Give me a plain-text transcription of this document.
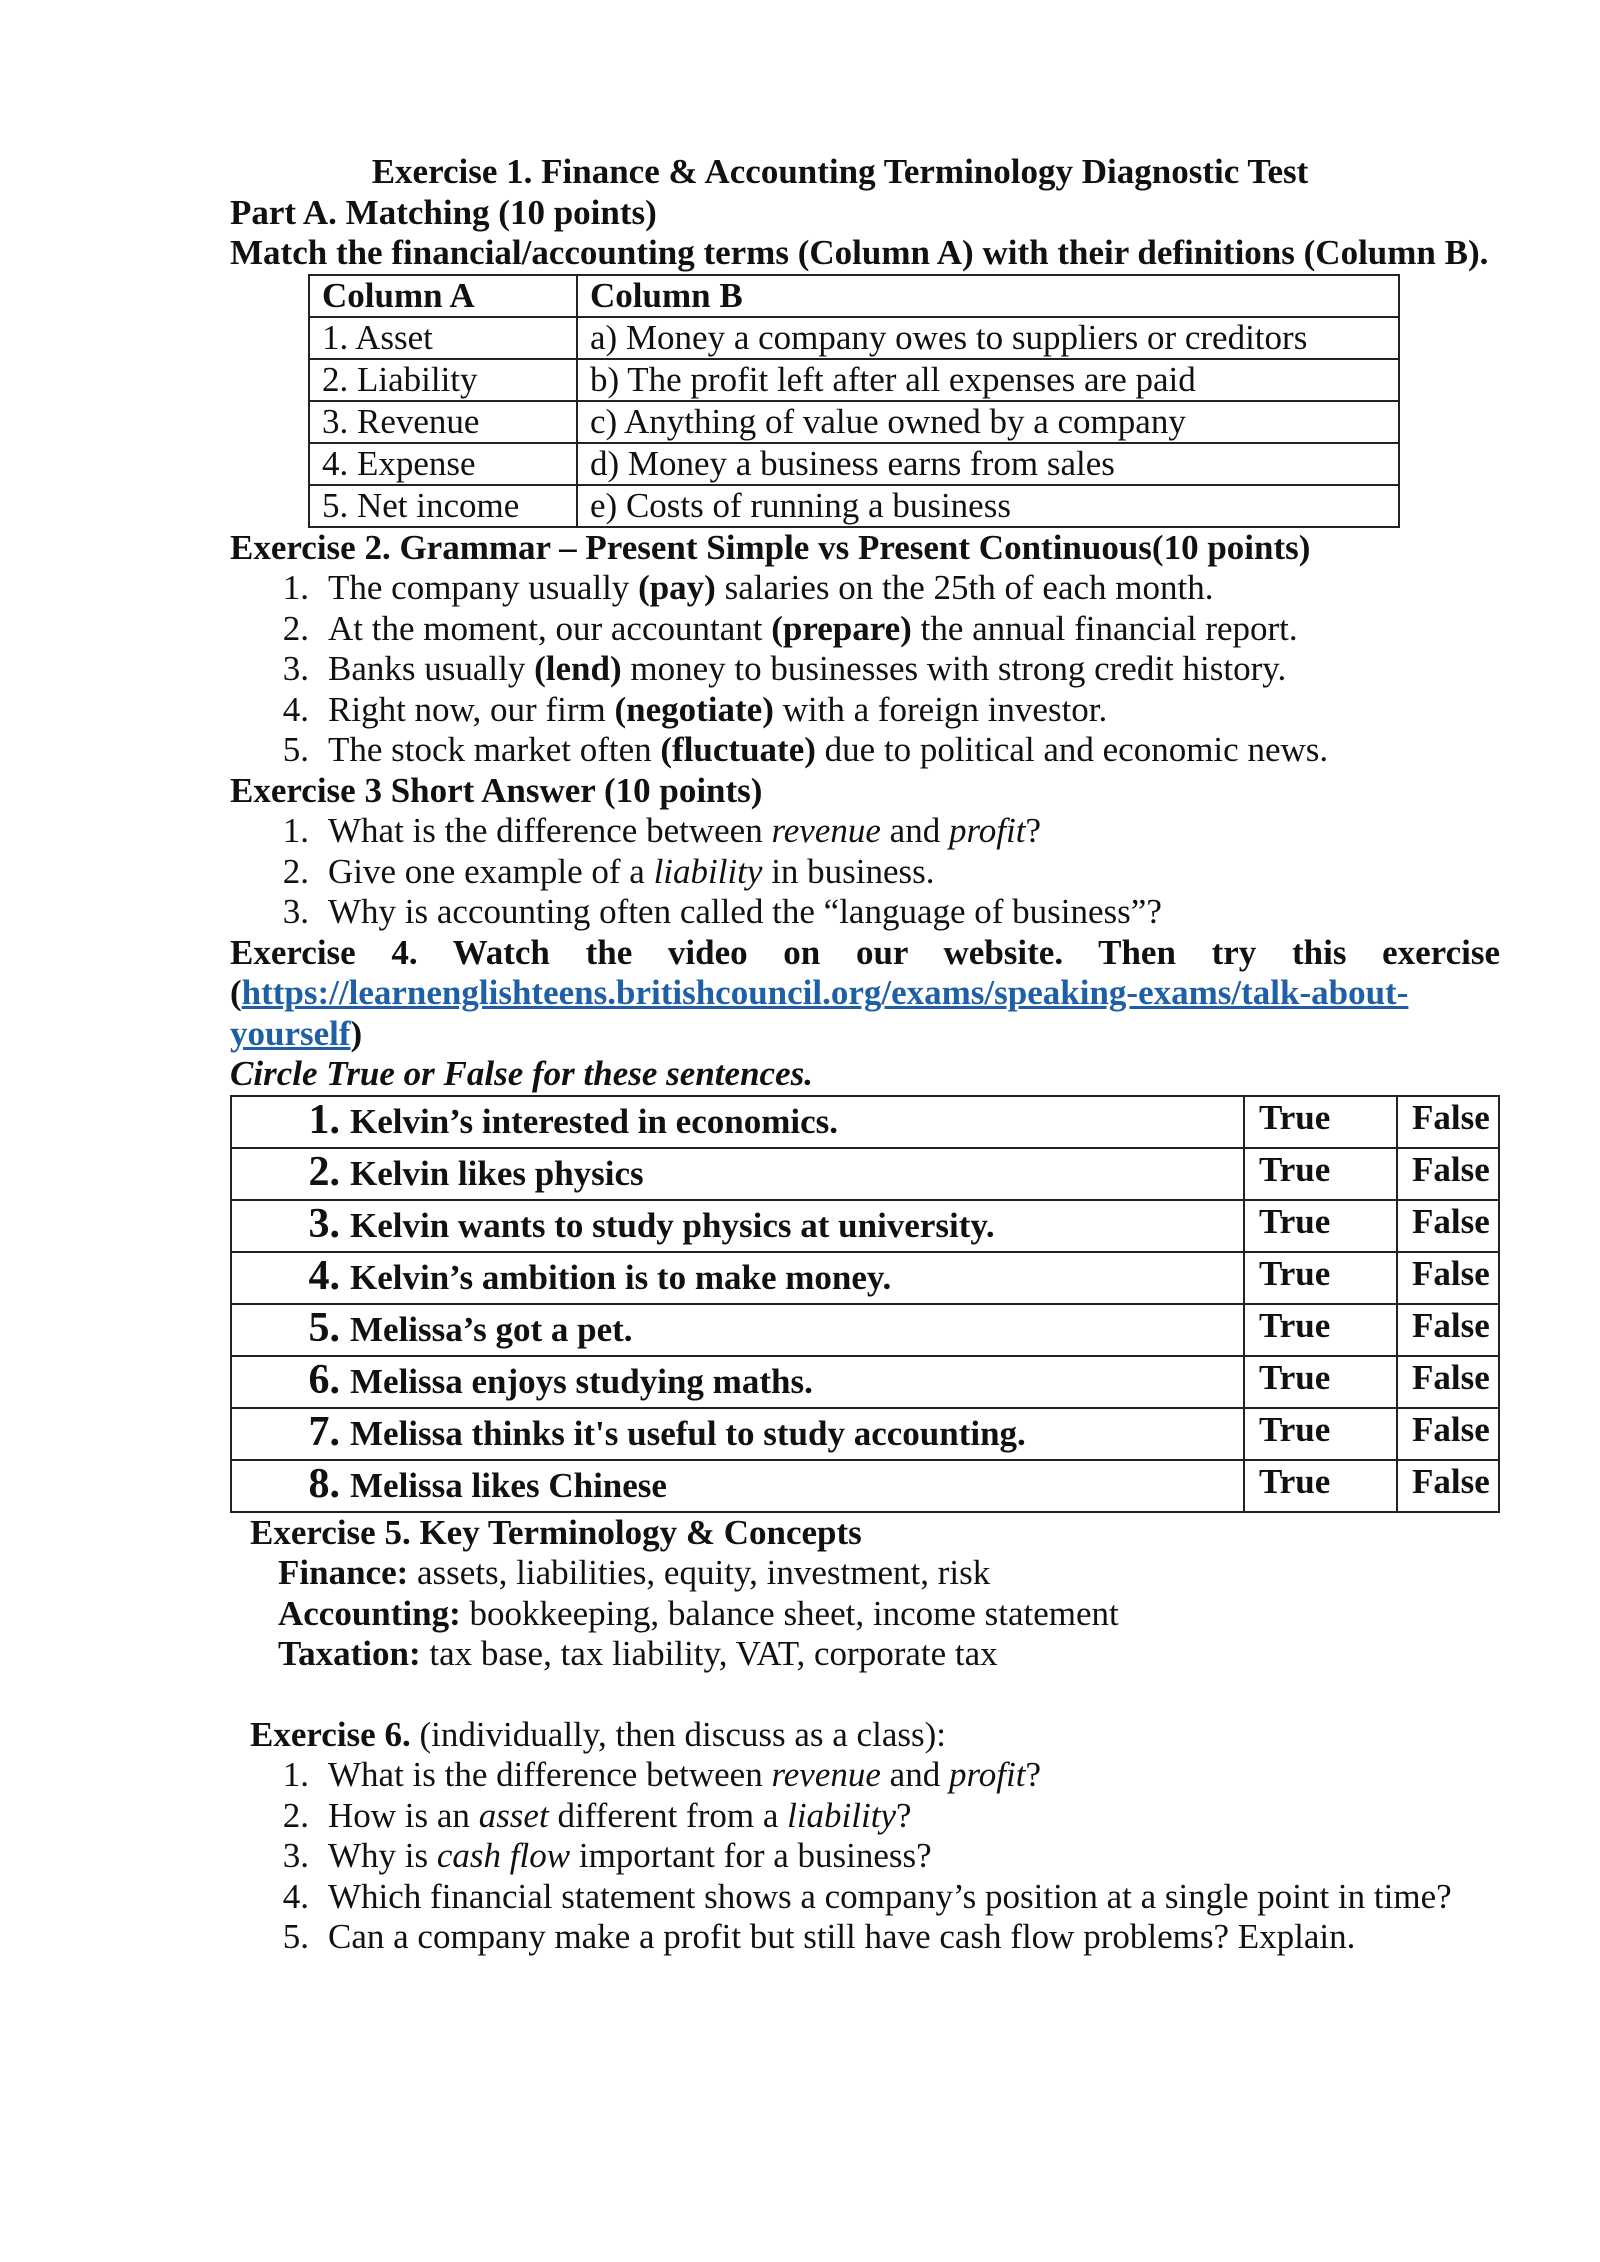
Exercise 1. Finance & Accounting Terminology Diagnostic Test
Part A. Matching (10 points)
Match the financial/accounting terms (Column A) with their definitions (Column B).
Column A	Column B
1. Asset	a) Money a company owes to suppliers or creditors
2. Liability	b) The profit left after all expenses are paid
3. Revenue	c) Anything of value owned by a company
4. Expense	d) Money a business earns from sales
5. Net income	e) Costs of running a business
Exercise 2. Grammar – Present Simple vs Present Continuous(10 points)
1. The company usually (pay) salaries on the 25th of each month.
2. At the moment, our accountant (prepare) the annual financial report.
3. Banks usually (lend) money to businesses with strong credit history.
4. Right now, our firm (negotiate) with a foreign investor.
5. The stock market often (fluctuate) due to political and economic news.
Exercise 3 Short Answer (10 points)
1. What is the difference between revenue and profit?
2. Give one example of a liability in business.
3. Why is accounting often called the “language of business”?
Exercise 4. Watch the video on our website. Then try this exercise
(https://learnenglishteens.britishcouncil.org/exams/speaking-exams/talk-about-
yourself)
Circle True or False for these sentences.
1. Kelvin’s interested in economics.	True	False
2. Kelvin likes physics	True	False
3. Kelvin wants to study physics at university.	True	False
4. Kelvin’s ambition is to make money.	True	False
5. Melissa’s got a pet.	True	False
6. Melissa enjoys studying maths.	True	False
7. Melissa thinks it's useful to study accounting.	True	False
8. Melissa likes Chinese	True	False
Exercise 5. Key Terminology & Concepts
Finance: assets, liabilities, equity, investment, risk
Accounting: bookkeeping, balance sheet, income statement
Taxation: tax base, tax liability, VAT, corporate tax
Exercise 6. (individually, then discuss as a class):
1. What is the difference between revenue and profit?
2. How is an asset different from a liability?
3. Why is cash flow important for a business?
4. Which financial statement shows a company’s position at a single point in time?
5. Can a company make a profit but still have cash flow problems? Explain.
